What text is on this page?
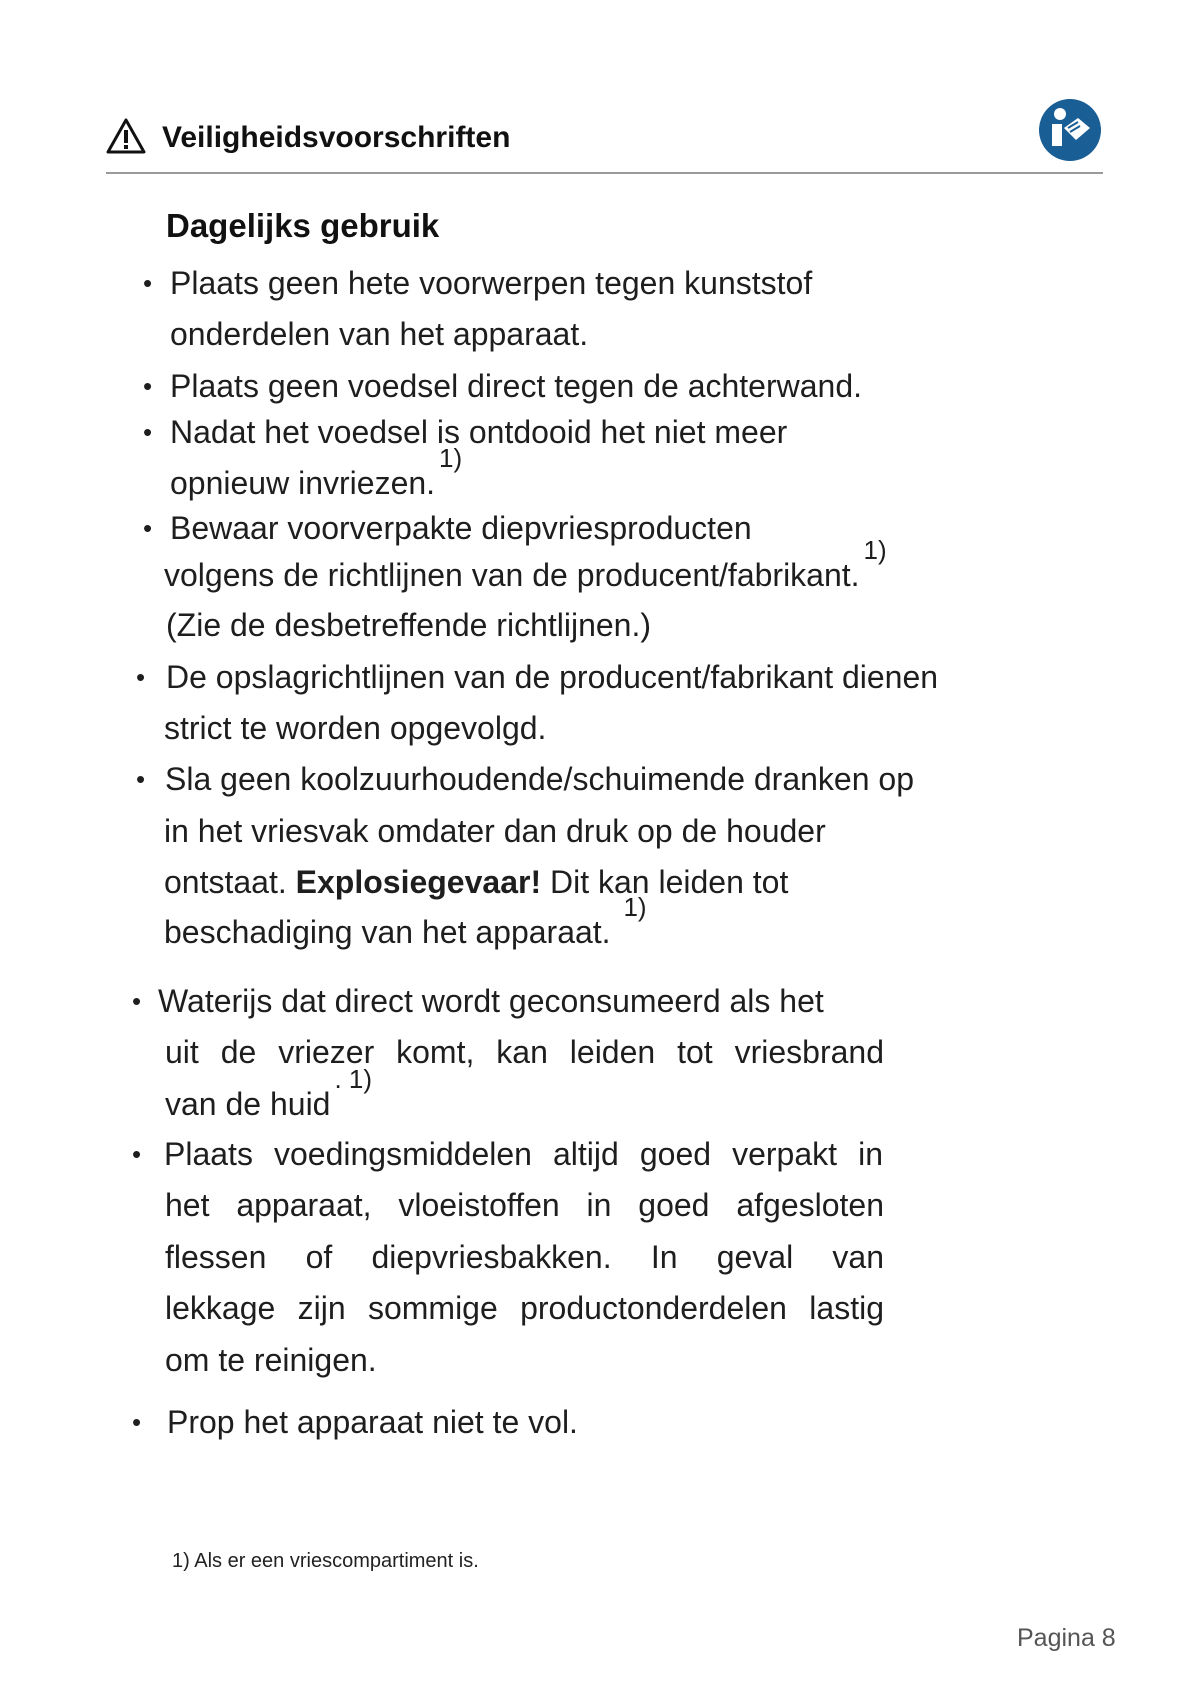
Veiligheidsvoorschriften
Dagelijks gebruik
• Plaats geen hete voorwerpen tegen kunststof
onderdelen van het apparaat.
• Plaats geen voedsel direct tegen de achterwand.
• Nadat het voedsel is ontdooid het niet meer
opnieuw invriezen.$^{1)}$
• Bewaar voorverpakte diepvriesproducten
volgens de richtlijnen van de producent/fabrikant.$^{1)}$
(Zie de desbetreffende richtlijnen.)
• De opslagrichtlijnen van de producent/fabrikant dienen
strict te worden opgevolgd.
• Sla geen koolzuurhoudende/schuimende dranken op
in het vriesvak omdater dan druk op de houder
ontstaat. Explosiegevaar! Dit kan leiden tot
beschadiging van het apparaat. $^{1)}$
• Waterijs dat direct wordt geconsumeerd als het
uit de vriezer komt, kan leiden tot vriesbrand
van de huid$^{. 1)}$
• Plaats voedingsmiddelen altijd goed verpakt in
het apparaat, vloeistoffen in goed afgesloten
flessen of diepvriesbakken. In geval van
lekkage zijn sommige productonderdelen lastig
om te reinigen.
• Prop het apparaat niet te vol.
1) Als er een vriescompartiment is.
Pagina 8
